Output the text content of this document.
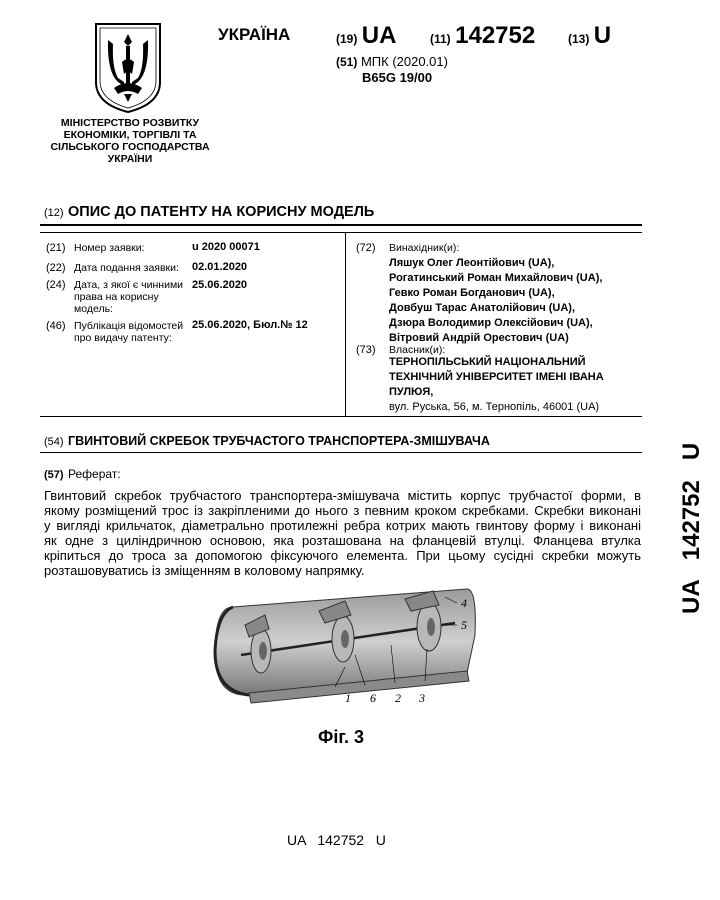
МІНІСТЕРСТВО РОЗВИТКУ
ЕКОНОМІКИ, ТОРГІВЛІ ТА
СІЛЬСЬКОГО ГОСПОДАРСТВА
УКРАЇНИ
УКРАЇНА	(19) UA	(11) 142752	(13) U
(51) МПК (2020.01)
B65G 19/00
(12) ОПИС ДО ПАТЕНТУ НА КОРИСНУ МОДЕЛЬ
(21) Номер заявки:	u 2020 00071
(22) Дата подання заявки: 02.01.2020
(24) Дата, з якої є чинними
права на корисну
модель:
25.06.2020
(46) Публікація відомостей
про видачу патенту:
25.06.2020, Бюл.№ 12
(72) Винахідник(и):
Ляшук Олег Леонтійович (UA),
Рогатинський Роман Михайлович (UA),
Гевко Роман Богданович (UA),
Довбуш Тарас Анатолійович (UA),
Дзюра Володимир Олексійович (UA),
Вітровий Андрій Орестович (UA)
(73) Власник(и):
ТЕРНОПІЛЬСЬКИЙ НАЦІОНАЛЬНИЙ
ТЕХНІЧНИЙ УНІВЕРСИТЕТ ІМЕНІ ІВАНА
ПУЛЮЯ,
вул. Руська, 56, м. Тернопіль, 46001 (UA)
(54) ГВИНТОВИЙ СКРЕБОК ТРУБЧАСТОГО ТРАНСПОРТЕРА-ЗМІШУВАЧА
(57) Реферат:
Гвинтовий скребок трубчастого транспортера-змішувача містить корпус трубчастої форми, в
якому розміщений трос із закріпленими до нього з певним кроком скребками. Скребки виконані
у вигляді крильчаток, діаметрально протилежні ребра котрих мають гвинтову форму і виконані
як одне з циліндричною основою, яка розташована на фланцевій втулці. Фланцева втулка
кріпиться до троса за допомогою фіксуючого елемента. При цьому сусідні скребки можуть
розташовуватись із зміщенням в коловому напрямку.
1 6 2 3
4
5
Фіг. 3
UA   142752   U
UA   142752   U
